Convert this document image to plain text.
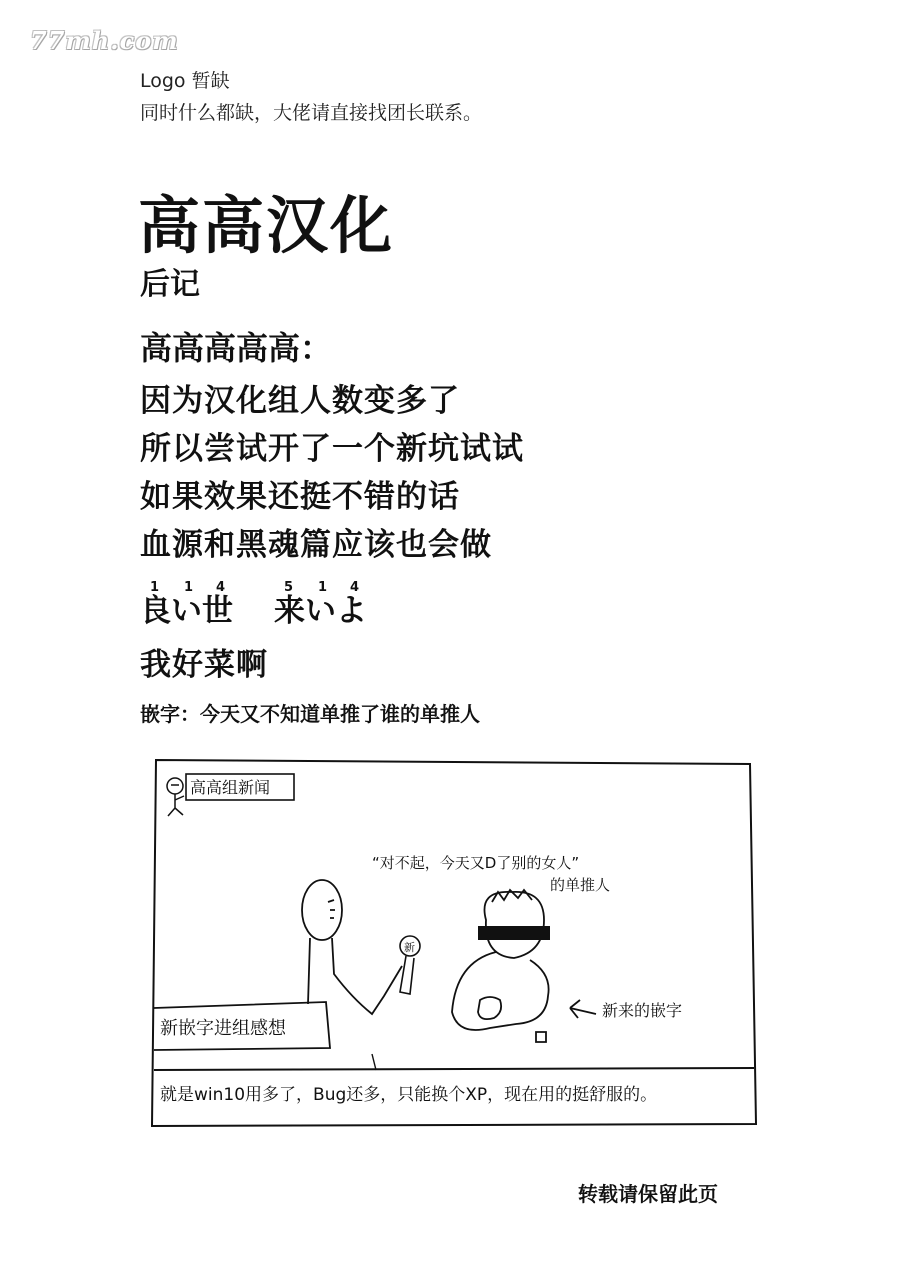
77mh.com
Logo 暂缺
同时什么都缺，大佬请直接找团长联系。
高高汉化
后记
高高高高高：
因为汉化组人数变多了
所以尝试开了一个新坑试试
如果效果还挺不错的话
血源和黑魂篇应该也会做
1 1 4	5 1 4
良い世 来いよ
我好菜啊
嵌字：今天又不知道单推了谁的单推人
高高组新闻
新
新嵌字进组感想
“对不起，今天又D了别的女人”
的单推人
新来的嵌字
就是win10用多了，Bug还多，只能换个XP，现在用的挺舒服的。
转载请保留此页
